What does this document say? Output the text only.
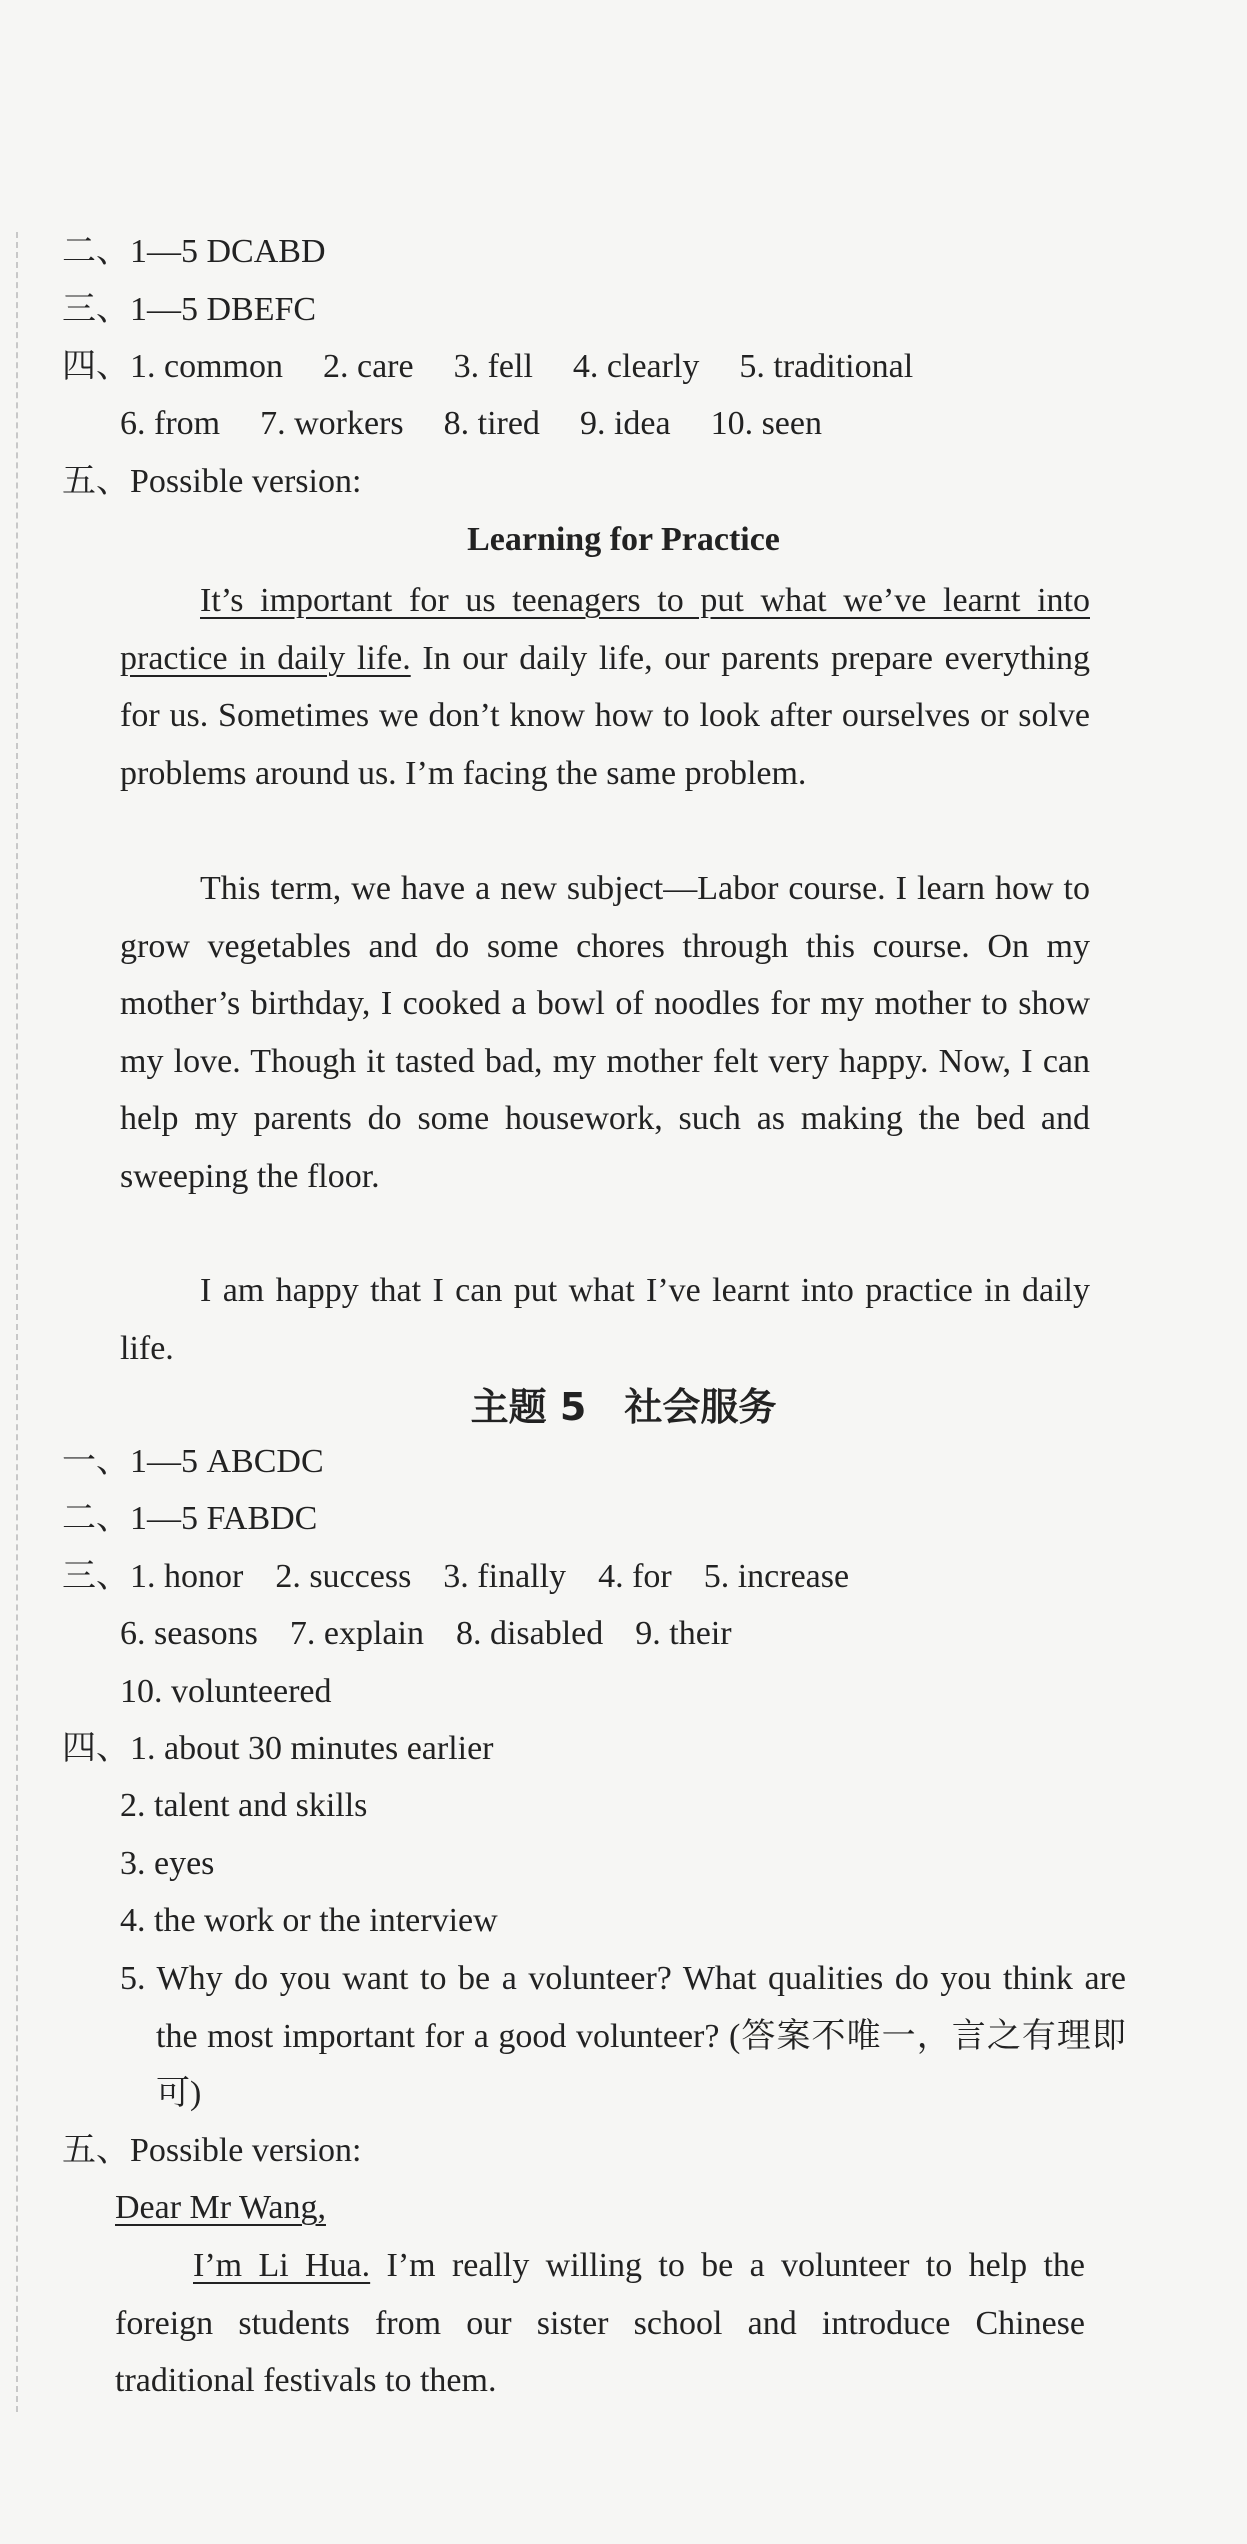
二、1—5 DCABD
三、1—5 DBEFC
四、1. common 2. care 3. fell 4. clearly 5. traditional
6. from 7. workers 8. tired 9. idea 10. seen
五、Possible version:
Learning for Practice
It’s important for us teenagers to put what we’ve learnt into practice in daily life. In our daily life, our parents prepare everything for us. Sometimes we don’t know how to look after ourselves or solve problems around us. I’m facing the same problem.
This term, we have a new subject—Labor course. I learn how to grow vegetables and do some chores through this course. On my mother’s birthday, I cooked a bowl of noodles for my mother to show my love. Though it tasted bad, my mother felt very happy. Now, I can help my parents do some housework, such as making the bed and sweeping the floor.
I am happy that I can put what I’ve learnt into practice in daily life.
主题 5　社会服务
一、1—5 ABCDC
二、1—5 FABDC
三、1. honor 2. success 3. finally 4. for 5. increase
6. seasons 7. explain 8. disabled 9. their
10. volunteered
四、1. about 30 minutes earlier
2. talent and skills
3. eyes
4. the work or the interview
5. Why do you want to be a volunteer? What qualities do you think are the most important for a good volunteer? (答案不唯一，言之有理即可)
五、Possible version:
Dear Mr Wang,
I’m Li Hua. I’m really willing to be a volunteer to help the foreign students from our sister school and introduce Chinese traditional festivals to them.
